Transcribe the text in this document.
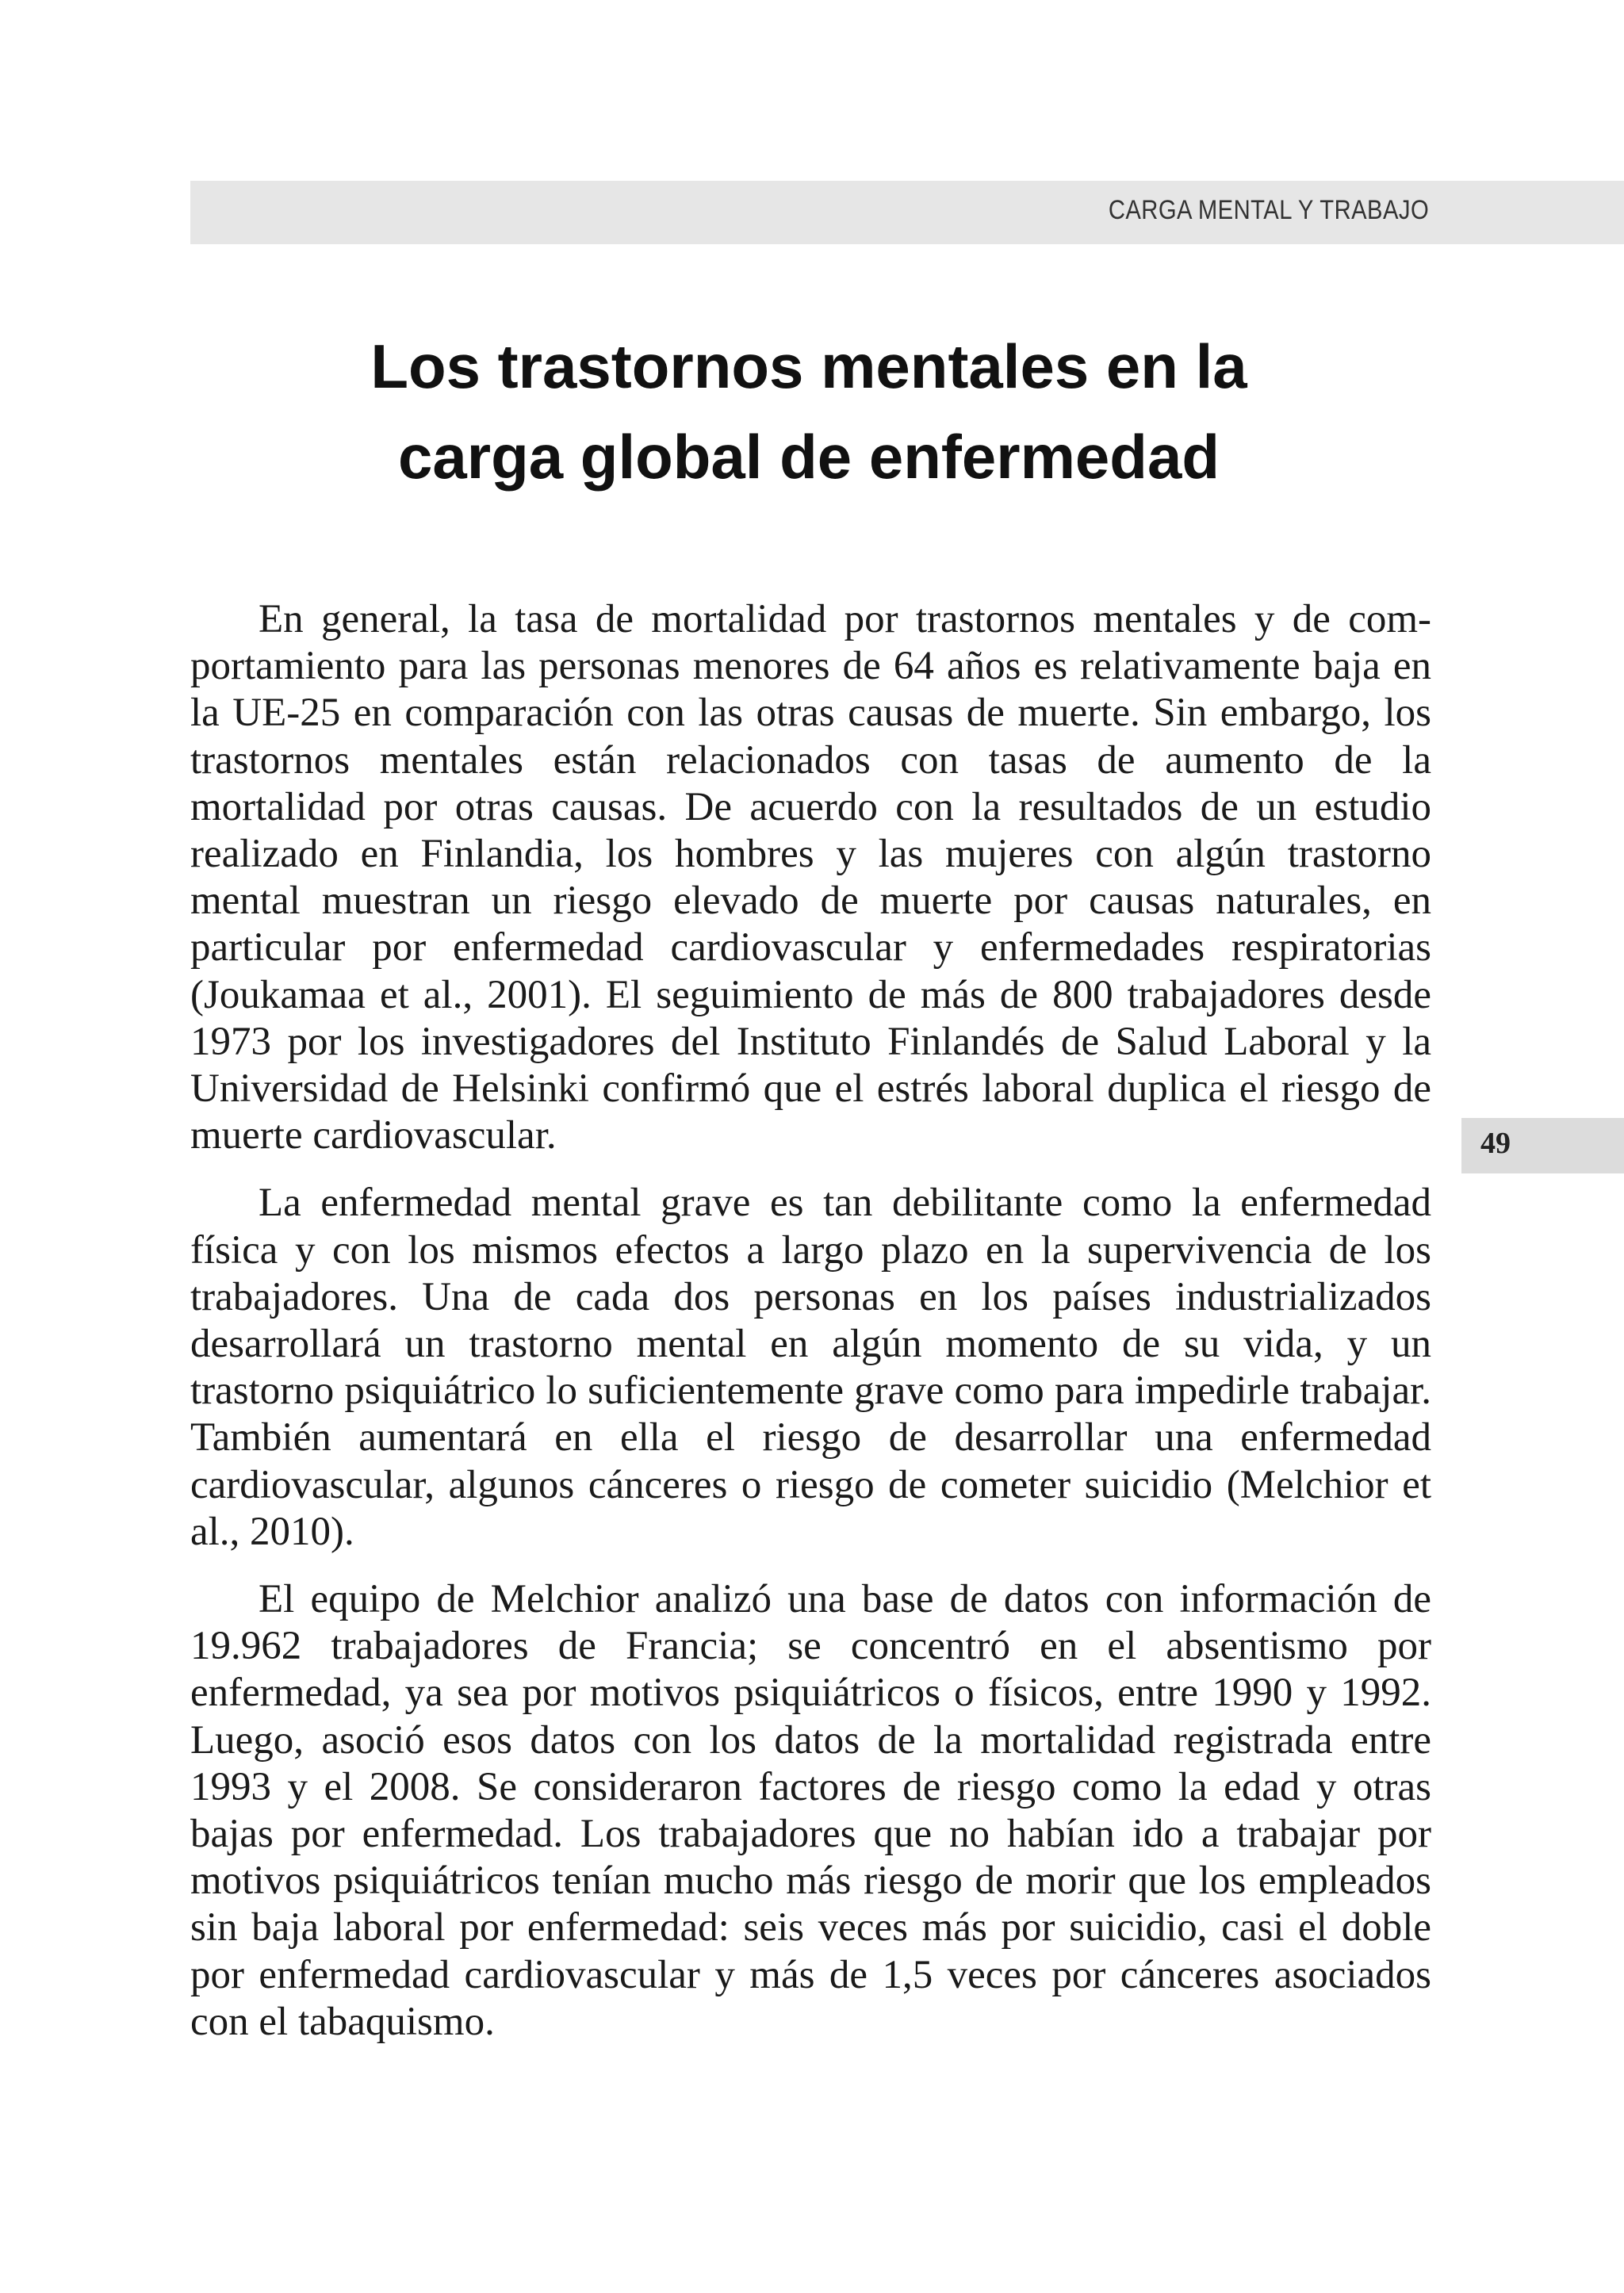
CARGA MENTAL Y TRABAJO
Los trastornos mentales en la
carga global de enfermedad

En general, la tasa de mortalidad por trastornos mentales y de comportamiento para las personas menores de 64 años es relativamente baja en la UE-25 en comparación con las otras causas de muerte. Sin embargo, los trastornos mentales están relacionados con tasas de aumento de la mortalidad por otras causas. De acuerdo con la resultados de un estudio realizado en Finlandia, los hombres y las mujeres con algún trastorno mental muestran un riesgo elevado de muerte por causas naturales, en particular por enfermedad cardiovascular y enfermedades respiratorias (Joukamaa et al., 2001). El seguimiento de más de 800 trabajadores desde 1973 por los investigadores del Instituto Finlandés de Salud Laboral y la Universidad de Helsinki confirmó que el estrés laboral duplica el riesgo de muerte cardiovascular.

La enfermedad mental grave es tan debilitante como la enfermedad física y con los mismos efectos a largo plazo en la supervivencia de los trabajadores. Una de cada dos personas en los países industrializados desarrollará un trastorno mental en algún momento de su vida, y un trastorno psiquiátrico lo suficientemente grave como para impedirle trabajar. También aumentará en ella el riesgo de desarrollar una enfermedad cardiovascular, algunos cánceres o riesgo de cometer suicidio (Melchior et al., 2010).

El equipo de Melchior analizó una base de datos con información de 19.962 trabajadores de Francia; se concentró en el absentismo por enfermedad, ya sea por motivos psiquiátricos o físicos, entre 1990 y 1992. Luego, asoció esos datos con los datos de la mortalidad registrada entre 1993 y el 2008. Se consideraron factores de riesgo como la edad y otras bajas por enfermedad. Los trabajadores que no habían ido a trabajar por motivos psiquiátricos tenían mucho más riesgo de morir que los empleados sin baja laboral por enfermedad: seis veces más por suicidio, casi el doble por enfermedad cardiovascular y más de 1,5 veces por cánceres asociados con el tabaquismo.

49
